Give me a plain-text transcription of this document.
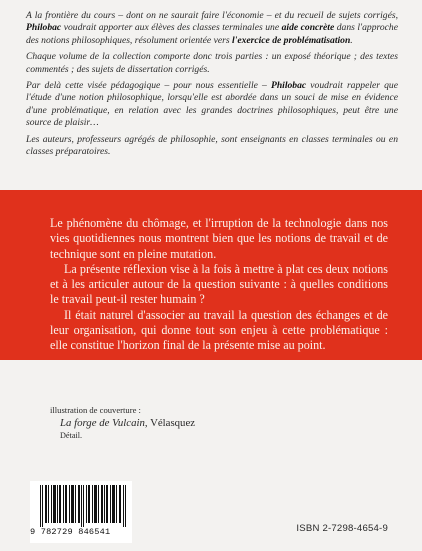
A la frontière du cours – dont on ne saurait faire l'économie – et du recueil de sujets corrigés, Philobac voudrait apporter aux élèves des classes terminales une aide concrète dans l'approche des notions philosophiques, résolument orientée vers l'exercice de problématisation.

Chaque volume de la collection comporte donc trois parties : un exposé théorique ; des textes commentés ; des sujets de dissertation corrigés.

Par delà cette visée pédagogique – pour nous essentielle – Philobac voudrait rappeler que l'étude d'une notion philosophique, lorsqu'elle est abordée dans un souci de mise en évidence d'une problématique, en relation avec les grandes doctrines philosophiques, peut être une source de plaisir…

Les auteurs, professeurs agrégés de philosophie, sont enseignants en classes terminales ou en classes préparatoires.

Le phénomène du chômage, et l'irruption de la technologie dans nos vies quotidiennes nous montrent bien que les notions de travail et de technique sont en pleine mutation.

La présente réflexion vise à la fois à mettre à plat ces deux notions et à les articuler autour de la question suivante : à quelles conditions le travail peut-il rester humain ?

Il était naturel d'associer au travail la question des échanges et de leur organisation, qui donne tout son enjeu à cette problématique : elle constitue l'horizon final de la présente mise au point.

illustration de couverture :
La forge de Vulcain, Vélasquez
Détail.
9 782729 846541	ISBN 2-7298-4654-9
